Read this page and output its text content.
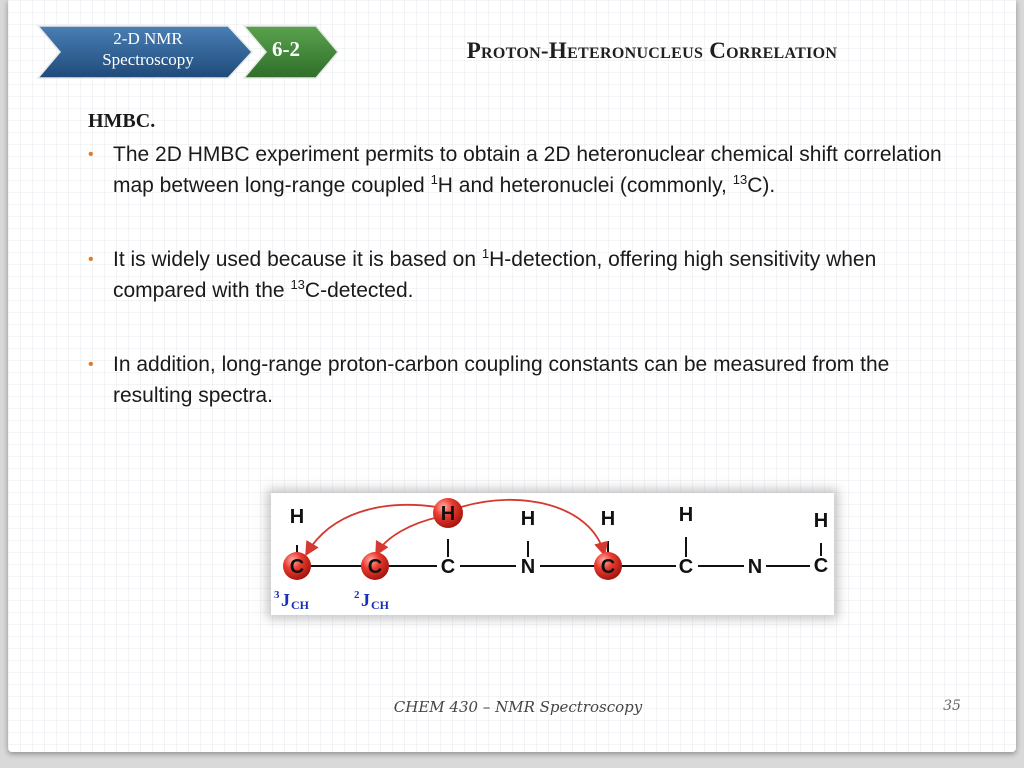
2-D NMR
Spectroscopy	6-2	Proton-Heteronucleus Correlation
HMBC.
• The 2D HMBC experiment permits to obtain a 2D heteronuclear chemical shift correlation map between long-range coupled $^1$H and heteronuclei (commonly, $^{13}$C).
• It is widely used because it is based on $^1$H-detection, offering high sensitivity when compared with the $^{13}$C-detected.
• In addition, long-range proton-carbon coupling constants can be measured from the resulting spectra.
H
C	C
H
C
H
N
H
C
H
C	N
H
C
3 J CH
2 J CH
CHEM 430 – NMR Spectroscopy	35
